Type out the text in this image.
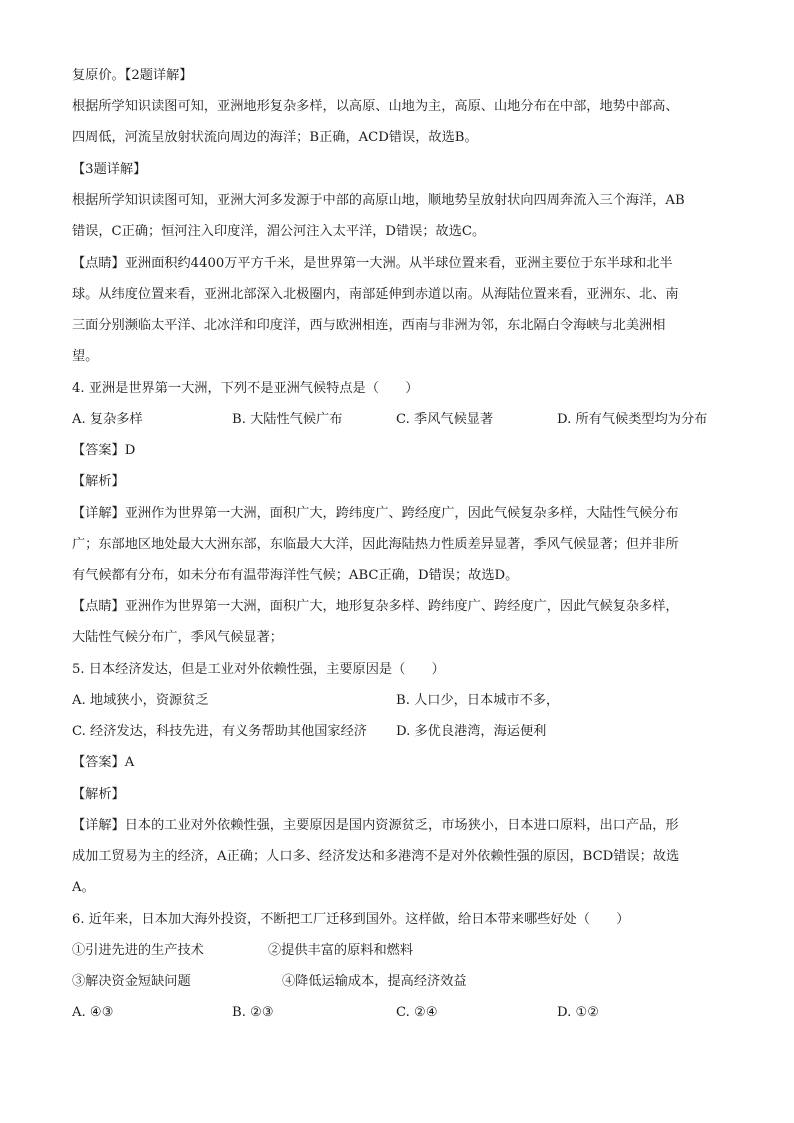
复原价。【2题详解】
根据所学知识读图可知，亚洲地形复杂多样，以高原、山地为主，高原、山地分布在中部，地势中部高、
四周低，河流呈放射状流向周边的海洋；B正确，ACD错误，故选B。
【3题详解】
根据所学知识读图可知，亚洲大河多发源于中部的高原山地，顺地势呈放射状向四周奔流入三个海洋，AB
错误，C正确；恒河注入印度洋，湄公河注入太平洋，D错误；故选C。
【点睛】亚洲面积约4400万平方千米，是世界第一大洲。从半球位置来看，亚洲主要位于东半球和北半
球。从纬度位置来看，亚洲北部深入北极圈内，南部延伸到赤道以南。从海陆位置来看，亚洲东、北、南
三面分别濒临太平洋、北冰洋和印度洋，西与欧洲相连，西南与非洲为邻，东北隔白令海峡与北美洲相
望。
4. 亚洲是世界第一大洲，下列不是亚洲气候特点是（　　）
A. 复杂多样	B. 大陆性气候广布	C. 季风气候显著	D. 所有气候类型均为分布
【答案】D
【解析】
【详解】亚洲作为世界第一大洲，面积广大，跨纬度广、跨经度广，因此气候复杂多样，大陆性气候分布
广；东部地区地处最大大洲东部，东临最大大洋，因此海陆热力性质差异显著，季风气候显著；但并非所
有气候都有分布，如未分布有温带海洋性气候；ABC正确，D错误；故选D。
【点睛】亚洲作为世界第一大洲，面积广大，地形复杂多样、跨纬度广、跨经度广，因此气候复杂多样，
大陆性气候分布广，季风气候显著；
5. 日本经济发达，但是工业对外依赖性强，主要原因是（　　）
A. 地域狭小，资源贫乏	B. 人口少，日本城市不多，
C. 经济发达，科技先进，有义务帮助其他国家经济 D. 多优良港湾，海运便利
【答案】A
【解析】
【详解】日本的工业对外依赖性强，主要原因是国内资源贫乏，市场狭小，日本进口原料，出口产品，形
成加工贸易为主的经济，A正确；人口多、经济发达和多港湾不是对外依赖性强的原因，BCD错误；故选
A。
6. 近年来，日本加大海外投资，不断把工厂迁移到国外。这样做，给日本带来哪些好处（　　）
①引进先进的生产技术	②提供丰富的原料和燃料
③解决资金短缺问题	④降低运输成本，提高经济效益
A. ④③	B. ②③	C. ②④	D. ①②
